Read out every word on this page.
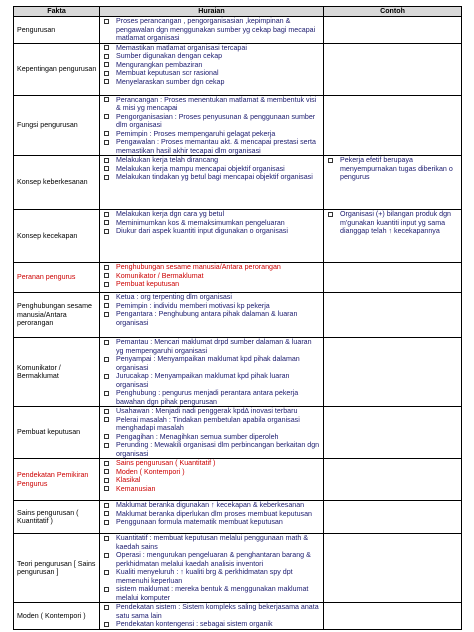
Fakta	Huraian	Contoh
Pengurusan	Proses perancangan , pengorganisasian ,kepimpinan & pengawalan dgn menggunakan sumber yg cekap bagi mecapai matlamat organisasi	

Kepentingan pengurusan	Memastikan matlamat organisasi tercapai
Sumber digunakan dengan cekap
Mengurangkan pembaziran
Membuat keputusan scr rasional
Menyelaraskan sumber dgn cekap	

Fungsi pengurusan	Perancangan : Proses menentukan matlamat & membentuk visi & misi yg mencapai
Pengorganisasian : Proses penyusunan & penggunaan sumber dlm organisasi
Pemimpin : Proses mempengaruhi gelagat pekerja
Pengawalan : Proses memantau akt. & mencapai prestasi serta memastikan hasil akhir tecapai dlm organisasi	

Konsep keberkesanan	Melakukan kerja telah dirancang
Melakukan kerja mampu mencapai objektif organisasi
Melakukan tindakan yg betul bagi mencapai objektif organisasi	Pekerja efetif berupaya menyempurnakan tugas diberikan o pengurus

Konsep kecekapan	Melakukan kerja dgn cara yg betul
Meminimumkan kos & memaksimumkan pengeluaran
Diukur dari aspek kuantiti input digunakan o organisasi	Organisasi (+) bilangan produk dgn m'gunakan kuantiti input yg sama dianggap telah ↑ kecekapannya

Peranan pengurus	Penghubungan sesame manusia/Antara perorangan
Komunikator / Bermaklumat
Pembuat keputusan	

Penghubungan sesame manusia/Antara perorangan	Ketua : org terpenting dlm organisasi
Pemimpin : individu memberi motivasi kp pekerja
Pengantara : Penghubung antara pihak dalaman & luaran organisasi	

Komunikator / Bermaklumat	Pemantau : Mencari maklumat drpd sumber dalaman & luaran yg mempengaruhi organisasi
Penyampai : Menyampaikan maklumat kpd pihak dalaman organisasi
Jurucakap : Menyampaikan maklumat kpd pihak luaran organisasi
Penghubung : pengurus menjadi perantara antara pekerja bawahan dgn pihak pengurusan	

Pembuat keputusan	Usahawan : Menjadi nadi penggerak kpd∆ inovasi terbaru
Pelerai masalah : Tindakan pembetulan apabila organisasi menghadapi masalah
Pengagihan : Menagihkan semua sumber diperoleh
Perunding : Mewakili organisasi dlm perbincangan berkaitan dgn organisasi	

Pendekatan Pemikiran Pengurus	Sains pengurusan ( Kuantitatif )
Moden ( Kontempori )
Klasikal
Kemanusian	

Sains pengurusan ( Kuantitatif )	Maklumat beranka digunakan ↑ kecekapan & keberkesanan
Maklumat beranka diperlukan dlm proses membuat keputusan
Penggunaan formula matematik membuat keputusan	

Teori pengurusan [ Sains pengurusan ]	Kuantitatif : membuat keputusan melalui penggunaan math & kaedah sains
Operasi : mengurukan pengeluaran & penghantaran barang & perkhidmatan melalui kaedah analisis inventori
Kualiti menyeluruh : ↑ kualiti brg & perkhidmatan spy dpt memenuhi keperluan
sistem maklumat : mereka bentuk & menggunakan maklumat melalui komputer	

Moden ( Kontempori )	Pendekatan sistem : Sistem kompleks saling bekerjasama anata satu sama lain
Pendekatan kontengensi : sebagai sistem organik	
